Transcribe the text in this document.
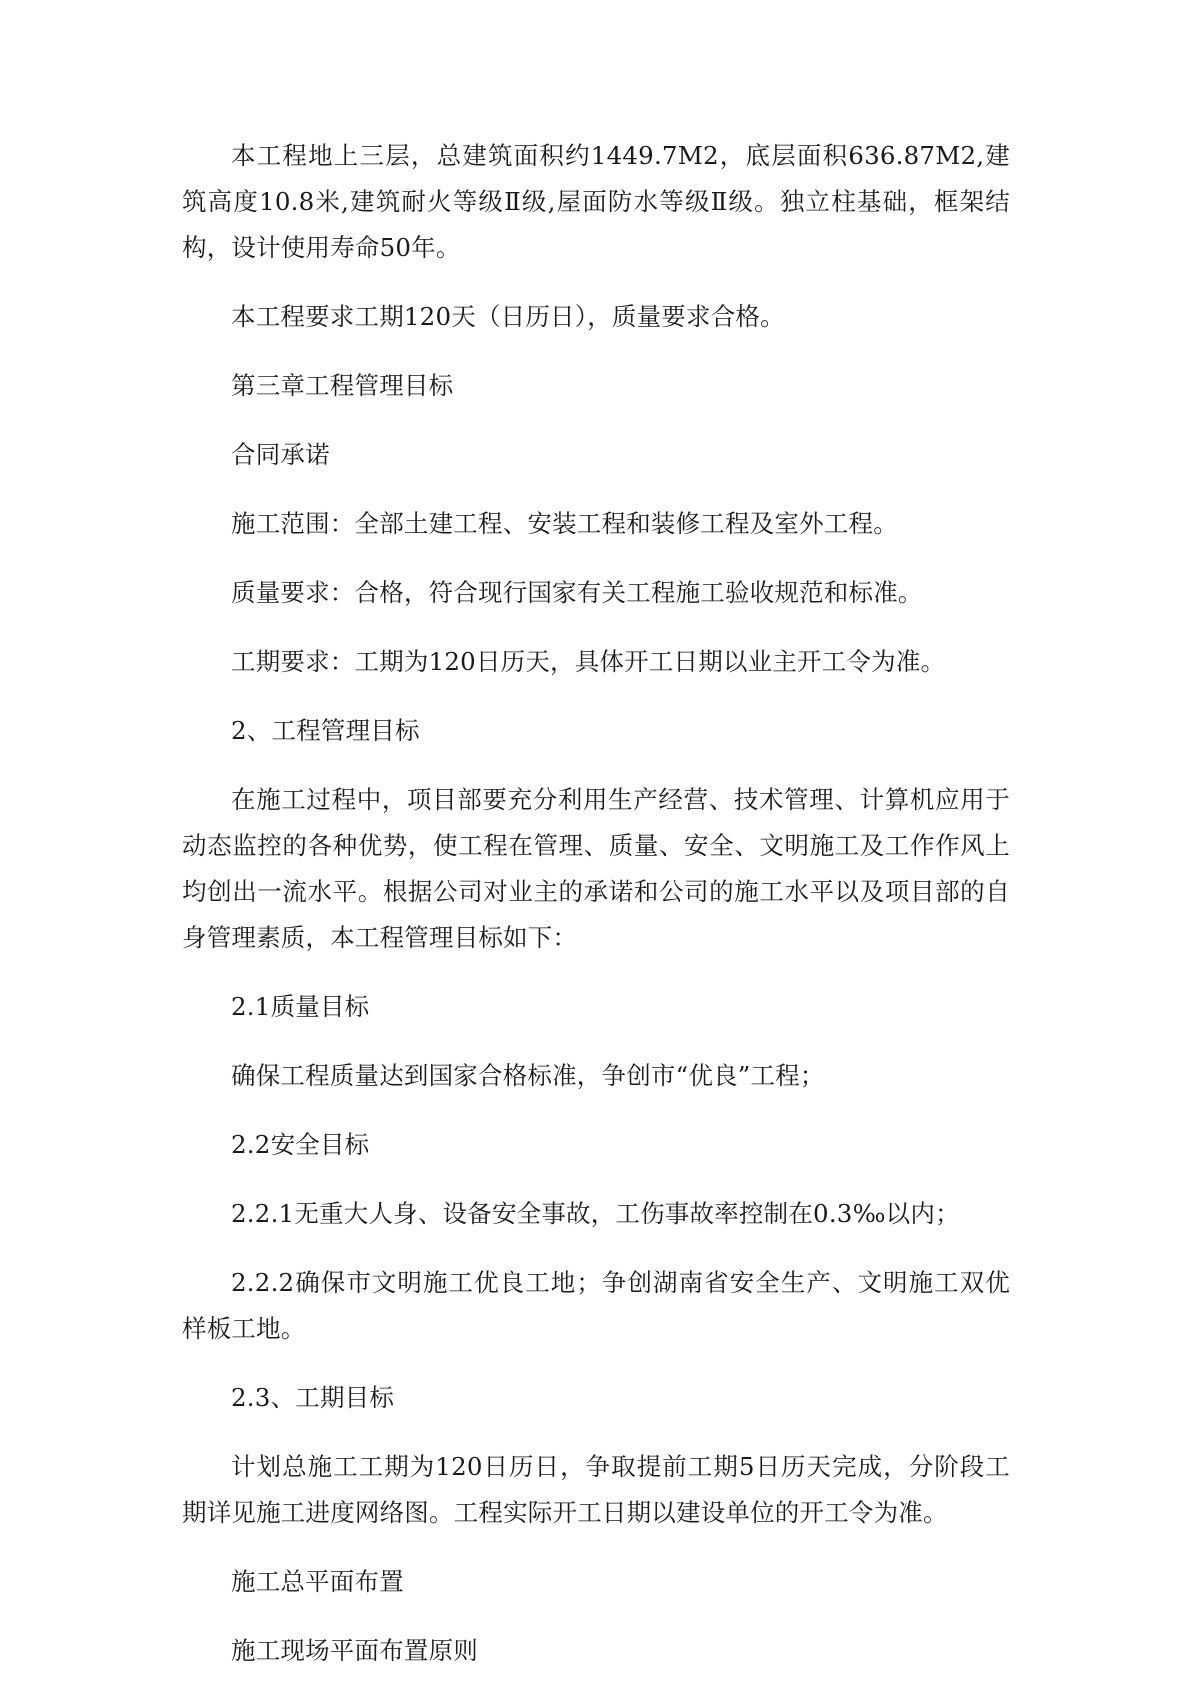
本工程地上三层，总建筑面积约1449.7M2，底层面积636.87M2,建筑高度10.8米,建筑耐火等级Ⅱ级,屋面防水等级Ⅱ级。独立柱基础，框架结构，设计使用寿命50年。

本工程要求工期120天（日历日），质量要求合格。

第三章工程管理目标

合同承诺

施工范围：全部土建工程、安装工程和装修工程及室外工程。

质量要求：合格，符合现行国家有关工程施工验收规范和标准。

工期要求：工期为120日历天，具体开工日期以业主开工令为准。

2、工程管理目标

在施工过程中，项目部要充分利用生产经营、技术管理、计算机应用于动态监控的各种优势，使工程在管理、质量、安全、文明施工及工作作风上均创出一流水平。根据公司对业主的承诺和公司的施工水平以及项目部的自身管理素质，本工程管理目标如下：

2.1质量目标

确保工程质量达到国家合格标准，争创市“优良”工程；

2.2安全目标

2.2.1无重大人身、设备安全事故，工伤事故率控制在0.3‰以内；

2.2.2确保市文明施工优良工地；争创湖南省安全生产、文明施工双优样板工地。

2.3、工期目标

计划总施工工期为120日历日，争取提前工期5日历天完成，分阶段工期详见施工进度网络图。工程实际开工日期以建设单位的开工令为准。

施工总平面布置

施工现场平面布置原则
